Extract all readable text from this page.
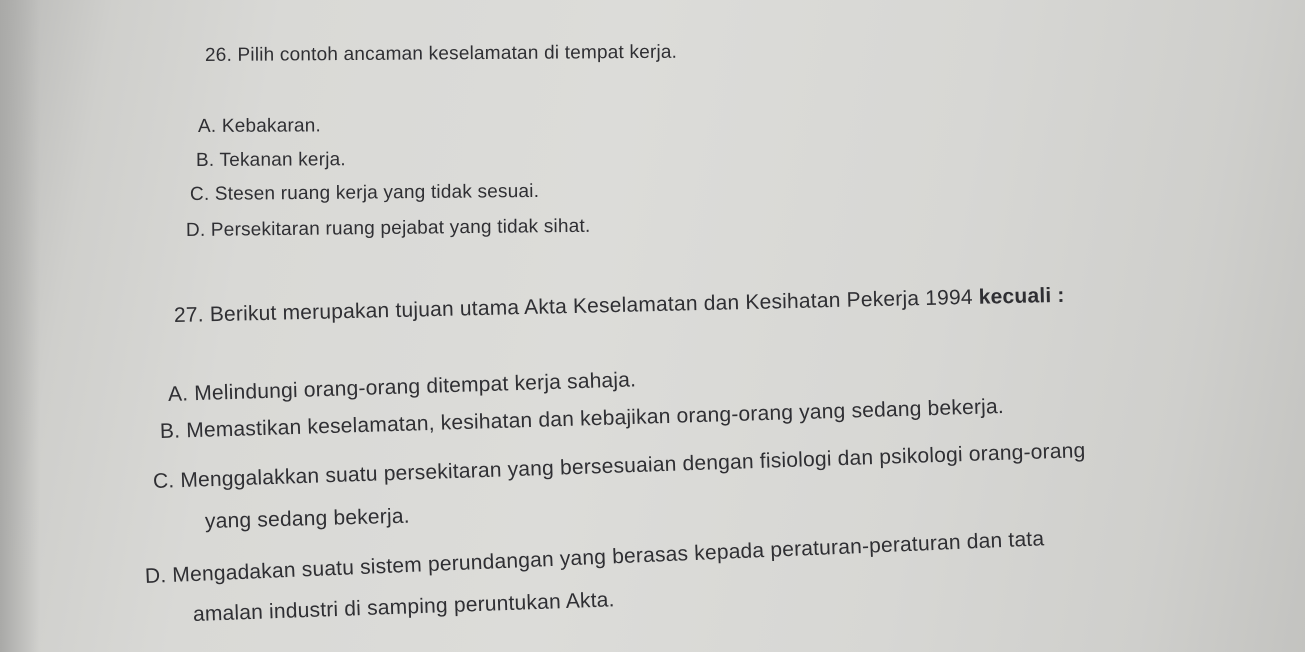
26. Pilih contoh ancaman keselamatan di tempat kerja.
A. Kebakaran.
B. Tekanan kerja.
C. Stesen ruang kerja yang tidak sesuai.
D. Persekitaran ruang pejabat yang tidak sihat.
27. Berikut merupakan tujuan utama Akta Keselamatan dan Kesihatan Pekerja 1994 kecuali :
A. Melindungi orang-orang ditempat kerja sahaja.
B. Memastikan keselamatan, kesihatan dan kebajikan orang-orang yang sedang bekerja.
C. Menggalakkan suatu persekitaran yang bersesuaian dengan fisiologi dan psikologi orang-orang
yang sedang bekerja.
D. Mengadakan suatu sistem perundangan yang berasas kepada peraturan-peraturan dan tata
amalan industri di samping peruntukan Akta.
